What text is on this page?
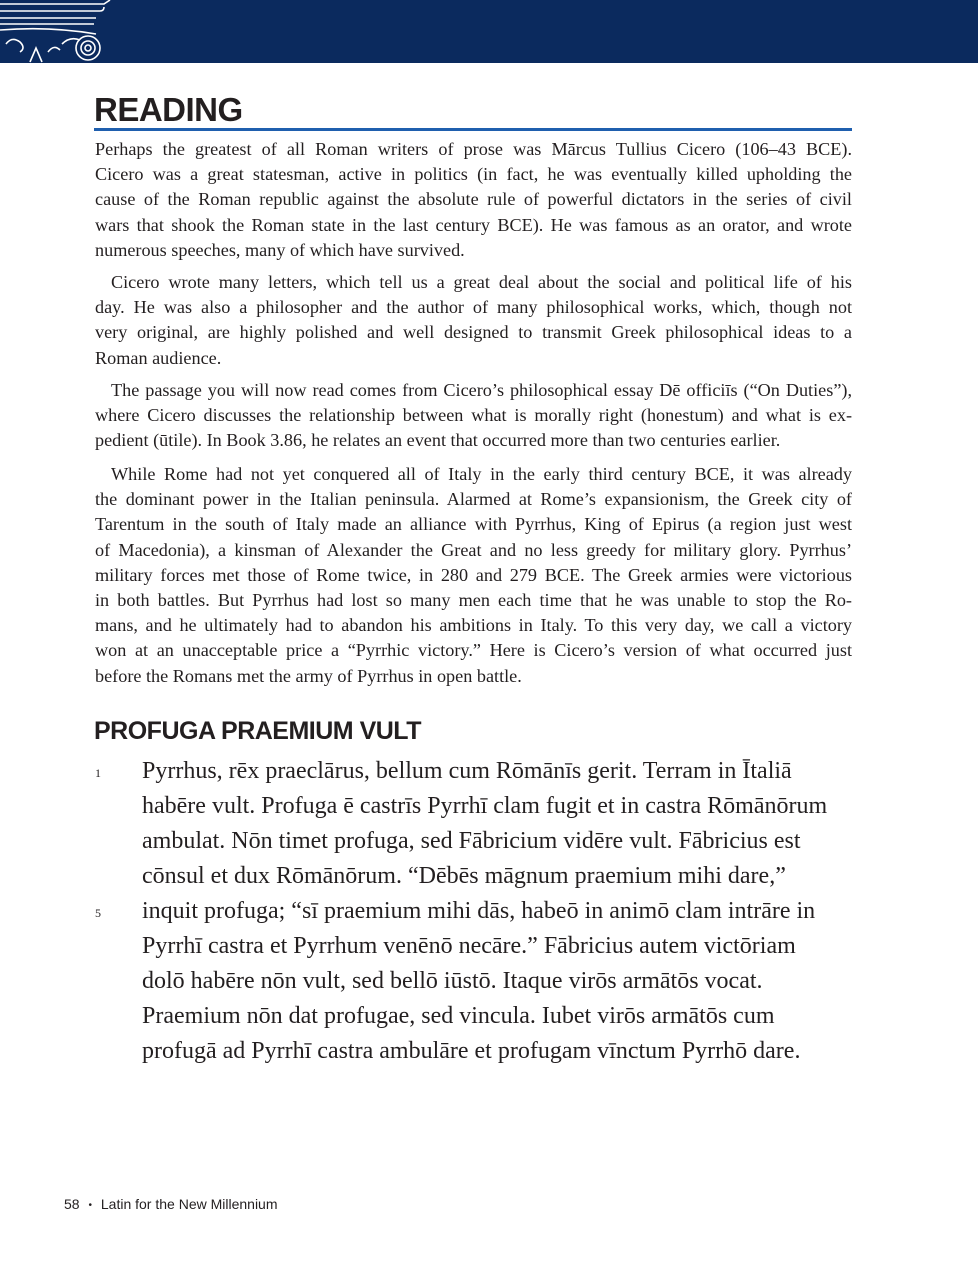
READING
Perhaps the greatest of all Roman writers of prose was Mārcus Tullius Cicero (106–43 BCE).
Cicero was a great statesman, active in politics (in fact, he was eventually killed upholding the
cause of the Roman republic against the absolute rule of powerful dictators in the series of civil
wars that shook the Roman state in the last century BCE). He was famous as an orator, and wrote
numerous speeches, many of which have survived.
Cicero wrote many letters, which tell us a great deal about the social and political life of his
day. He was also a philosopher and the author of many philosophical works, which, though not
very original, are highly polished and well designed to transmit Greek philosophical ideas to a
Roman audience.
The passage you will now read comes from Cicero’s philosophical essay Dē officiīs (“On Duties”),
where Cicero discusses the relationship between what is morally right (honestum) and what is ex-
pedient (ūtile). In Book 3.86, he relates an event that occurred more than two centuries earlier.
While Rome had not yet conquered all of Italy in the early third century BCE, it was already
the dominant power in the Italian peninsula. Alarmed at Rome’s expansionism, the Greek city of
Tarentum in the south of Italy made an alliance with Pyrrhus, King of Epirus (a region just west
of Macedonia), a kinsman of Alexander the Great and no less greedy for military glory. Pyrrhus’
military forces met those of Rome twice, in 280 and 279 BCE. The Greek armies were victorious
in both battles. But Pyrrhus had lost so many men each time that he was unable to stop the Ro-
mans, and he ultimately had to abandon his ambitions in Italy. To this very day, we call a victory
won at an unacceptable price a “Pyrrhic victory.” Here is Cicero’s version of what occurred just
before the Romans met the army of Pyrrhus in open battle.
PROFUGA PRAEMIUM VULT
1
5
Pyrrhus, rēx praeclārus, bellum cum Rōmānīs gerit. Terram in Ītaliā
habēre vult. Profuga ē castrīs Pyrrhī clam fugit et in castra Rōmānōrum
ambulat. Nōn timet profuga, sed Fābricium vidēre vult. Fābricius est
cōnsul et dux Rōmānōrum. “Dēbēs māgnum praemium mihi dare,”
inquit profuga; “sī praemium mihi dās, habeō in animō clam intrāre in
Pyrrhī castra et Pyrrhum venēnō necāre.” Fābricius autem victōriam
dolō habēre nōn vult, sed bellō iūstō. Itaque virōs armātōs vocat.
Praemium nōn dat profugae, sed vincula. Iubet virōs armātōs cum
profugā ad Pyrrhī castra ambulāre et profugam vīnctum Pyrrhō dare.
58 • Latin for the New Millennium
